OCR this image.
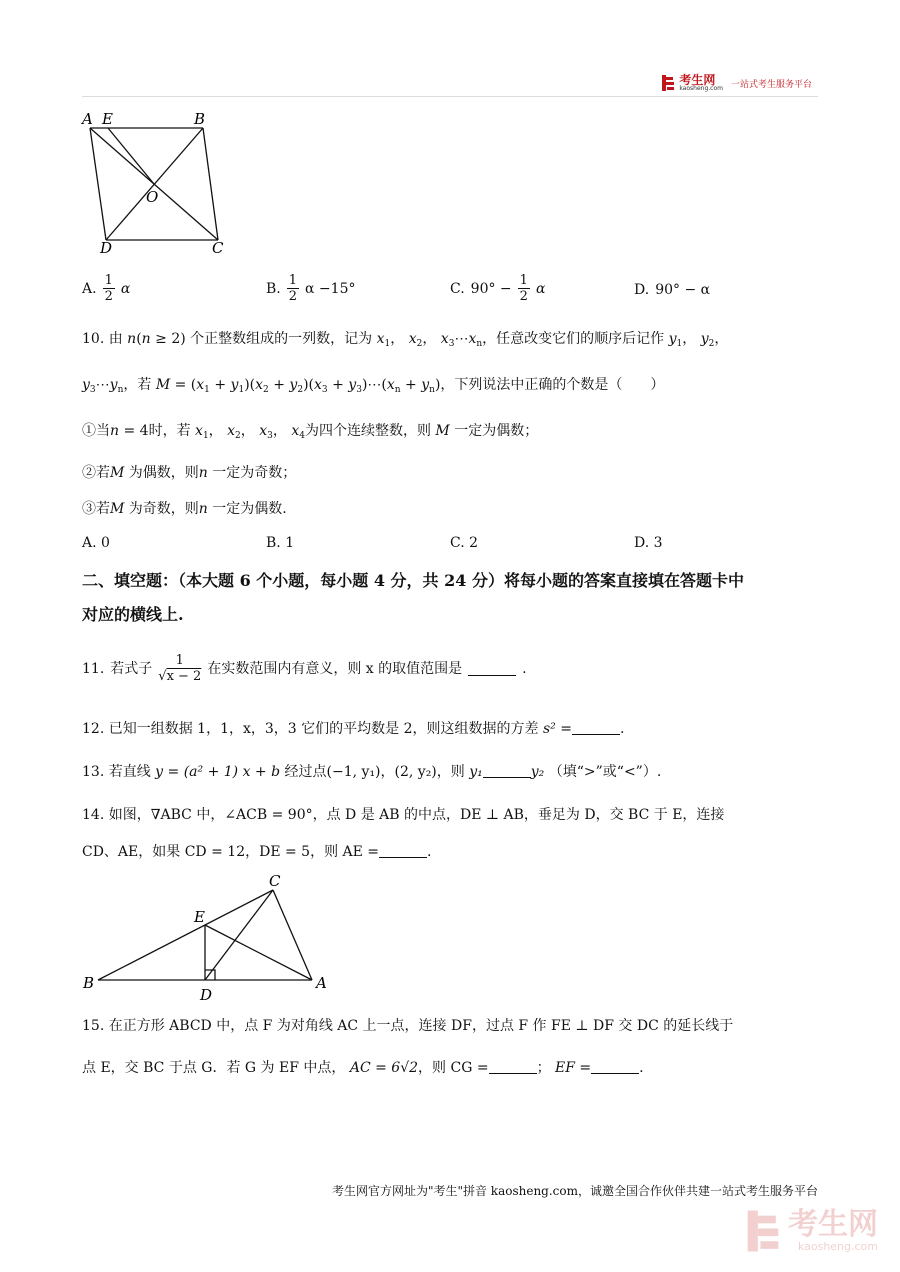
考生网
kaosheng.com 一站式考生服务平台
A E	B
O
D	C
A. $\frac{1}{2}$ α	B. $\frac{1}{2}$ α −15°	C. $90^\circ - \frac{1}{2}$ α	D. 90° − α
10. 由 n(n ≥ 2) 个正整数组成的一列数，记为 $x_1$， $x_2$， $x_3\cdots x_n$，任意改变它们的顺序后记作 $y_1$， $y_2$，
$y_3\cdots y_n$，若 $M = (x_1 + y_1)(x_2 + y_2)(x_3$ + $y_3)\cdots(x_n + y_n)$，下列说法中正确的个数是（　　）
①当n = 4时，若 $x_1$， $x_2$， $x_3$， $x_4$为四个连续整数，则 M 一定为偶数；
②若M 为偶数，则n 一定为奇数；
③若M 为奇数，则n 一定为偶数.
A. 0	B. 1	C. 2	D. 3
二、填空题：（本大题 6 个小题，每小题 4 分，共 24 分）将每小题的答案直接填在答题卡中
对应的横线上.
11. 若式子 $\frac{1}{√x - 2}$ 在实数范围内有意义，则 x 的取值范围是	.
12. 已知一组数据 1，1，x，3，3 它们的平均数是 2，则这组数据的方差 s² =	.
13. 若直线 y = (a² + 1) x + b 经过点(−1, y₁)，(2, y₂)，则 y₁	y₂ （填“>”或“<”）.
14. 如图，∇ABC 中，∠ACB = 90°，点 D 是 AB 的中点，DE ⊥ AB，垂足为 D，交 BC 于 E，连接
CD、AE，如果 CD = 12，DE = 5，则 AE =	.
C
E
B
D
A
15. 在正方形 ABCD 中，点 F 为对角线 AC 上一点，连接 DF，过点 F 作 FE ⊥ DF 交 DC 的延长线于
点 E，交 BC 于点 G．若 G 为 EF 中点， AC = 6√2，则 CG =	； EF =	.
考生网官方网址为"考生"拼音 kaosheng.com，诚邀全国合作伙伴共建一站式考生服务平台
考生网
kaosheng.com
